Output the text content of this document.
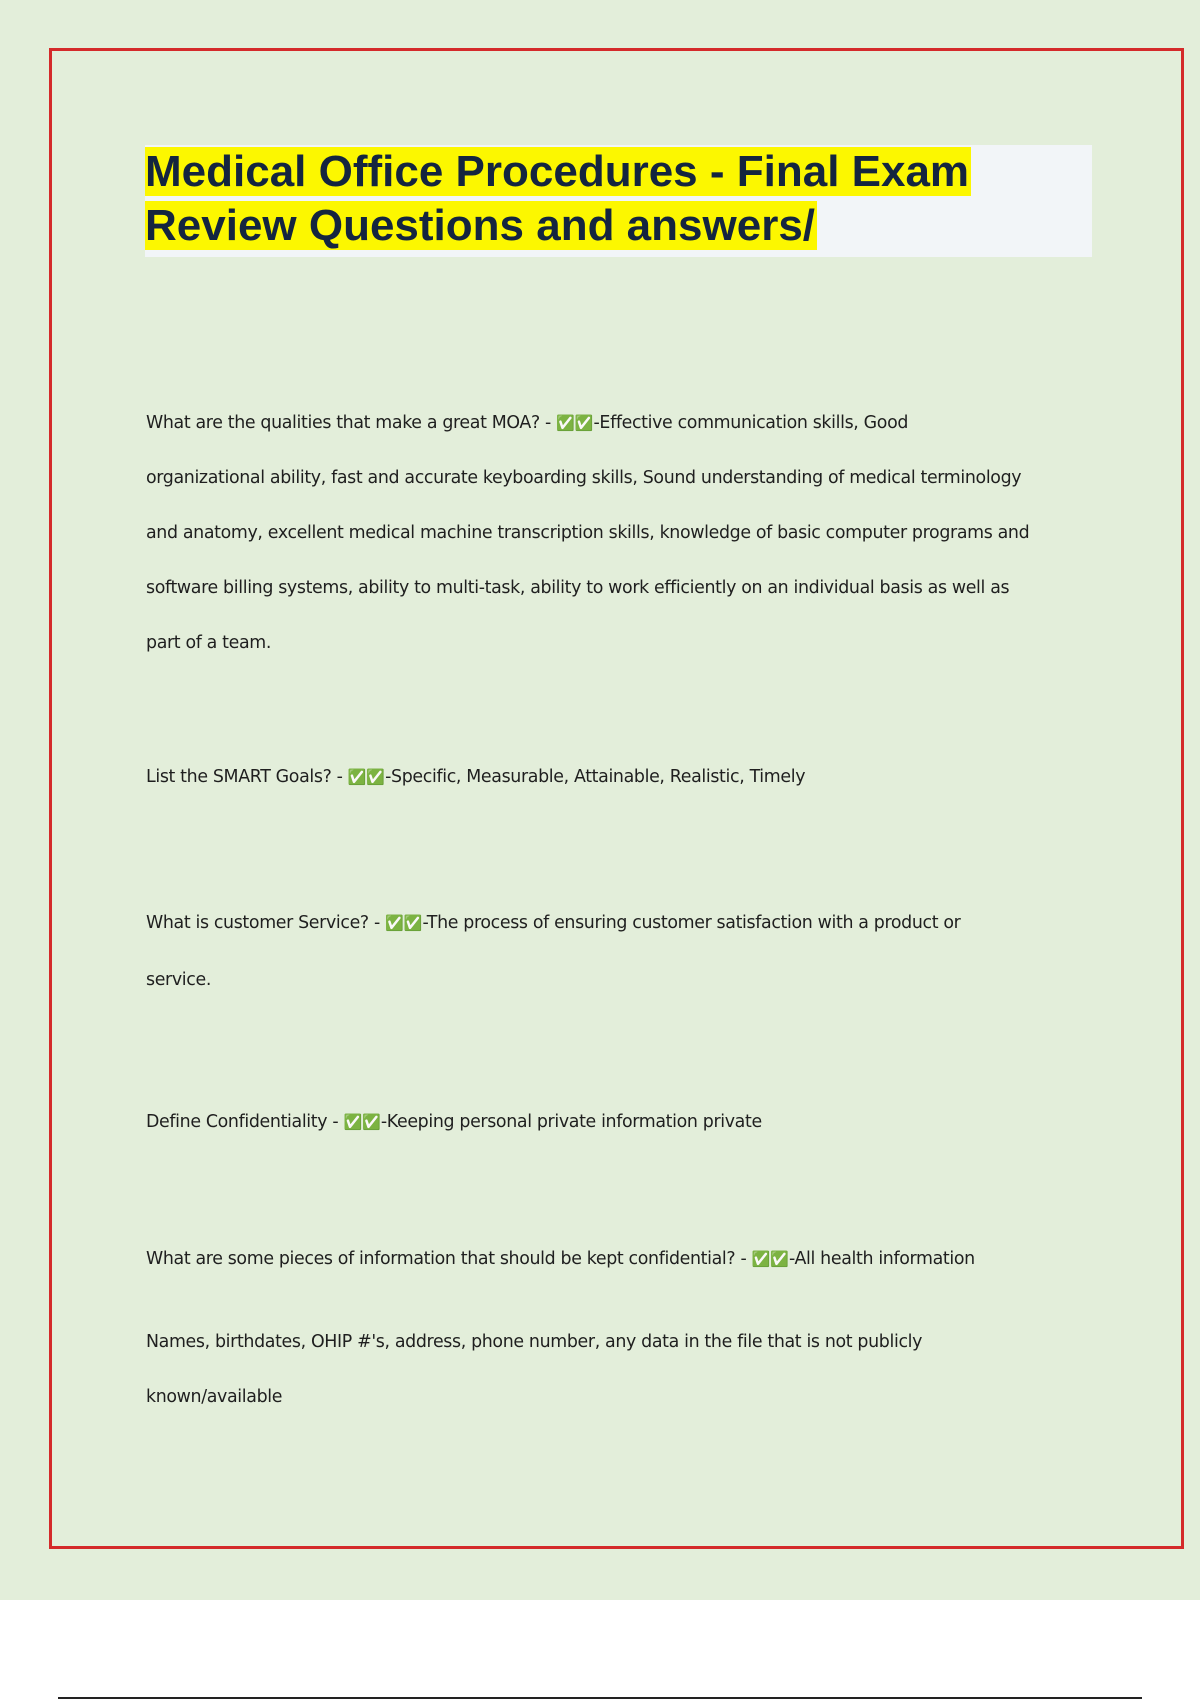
Medical Office Procedures - Final Exam
Review Questions and answers/
What are the qualities that make a great MOA? - ✅✅-Effective communication skills, Good
organizational ability, fast and accurate keyboarding skills, Sound understanding of medical terminology
and anatomy, excellent medical machine transcription skills, knowledge of basic computer programs and
software billing systems, ability to multi-task, ability to work efficiently on an individual basis as well as
part of a team.
List the SMART Goals? - ✅✅-Specific, Measurable, Attainable, Realistic, Timely
What is customer Service? - ✅✅-The process of ensuring customer satisfaction with a product or
service.
Define Confidentiality - ✅✅-Keeping personal private information private
What are some pieces of information that should be kept confidential? - ✅✅-All health information
Names, birthdates, OHIP #'s, address, phone number, any data in the file that is not publicly
known/available
